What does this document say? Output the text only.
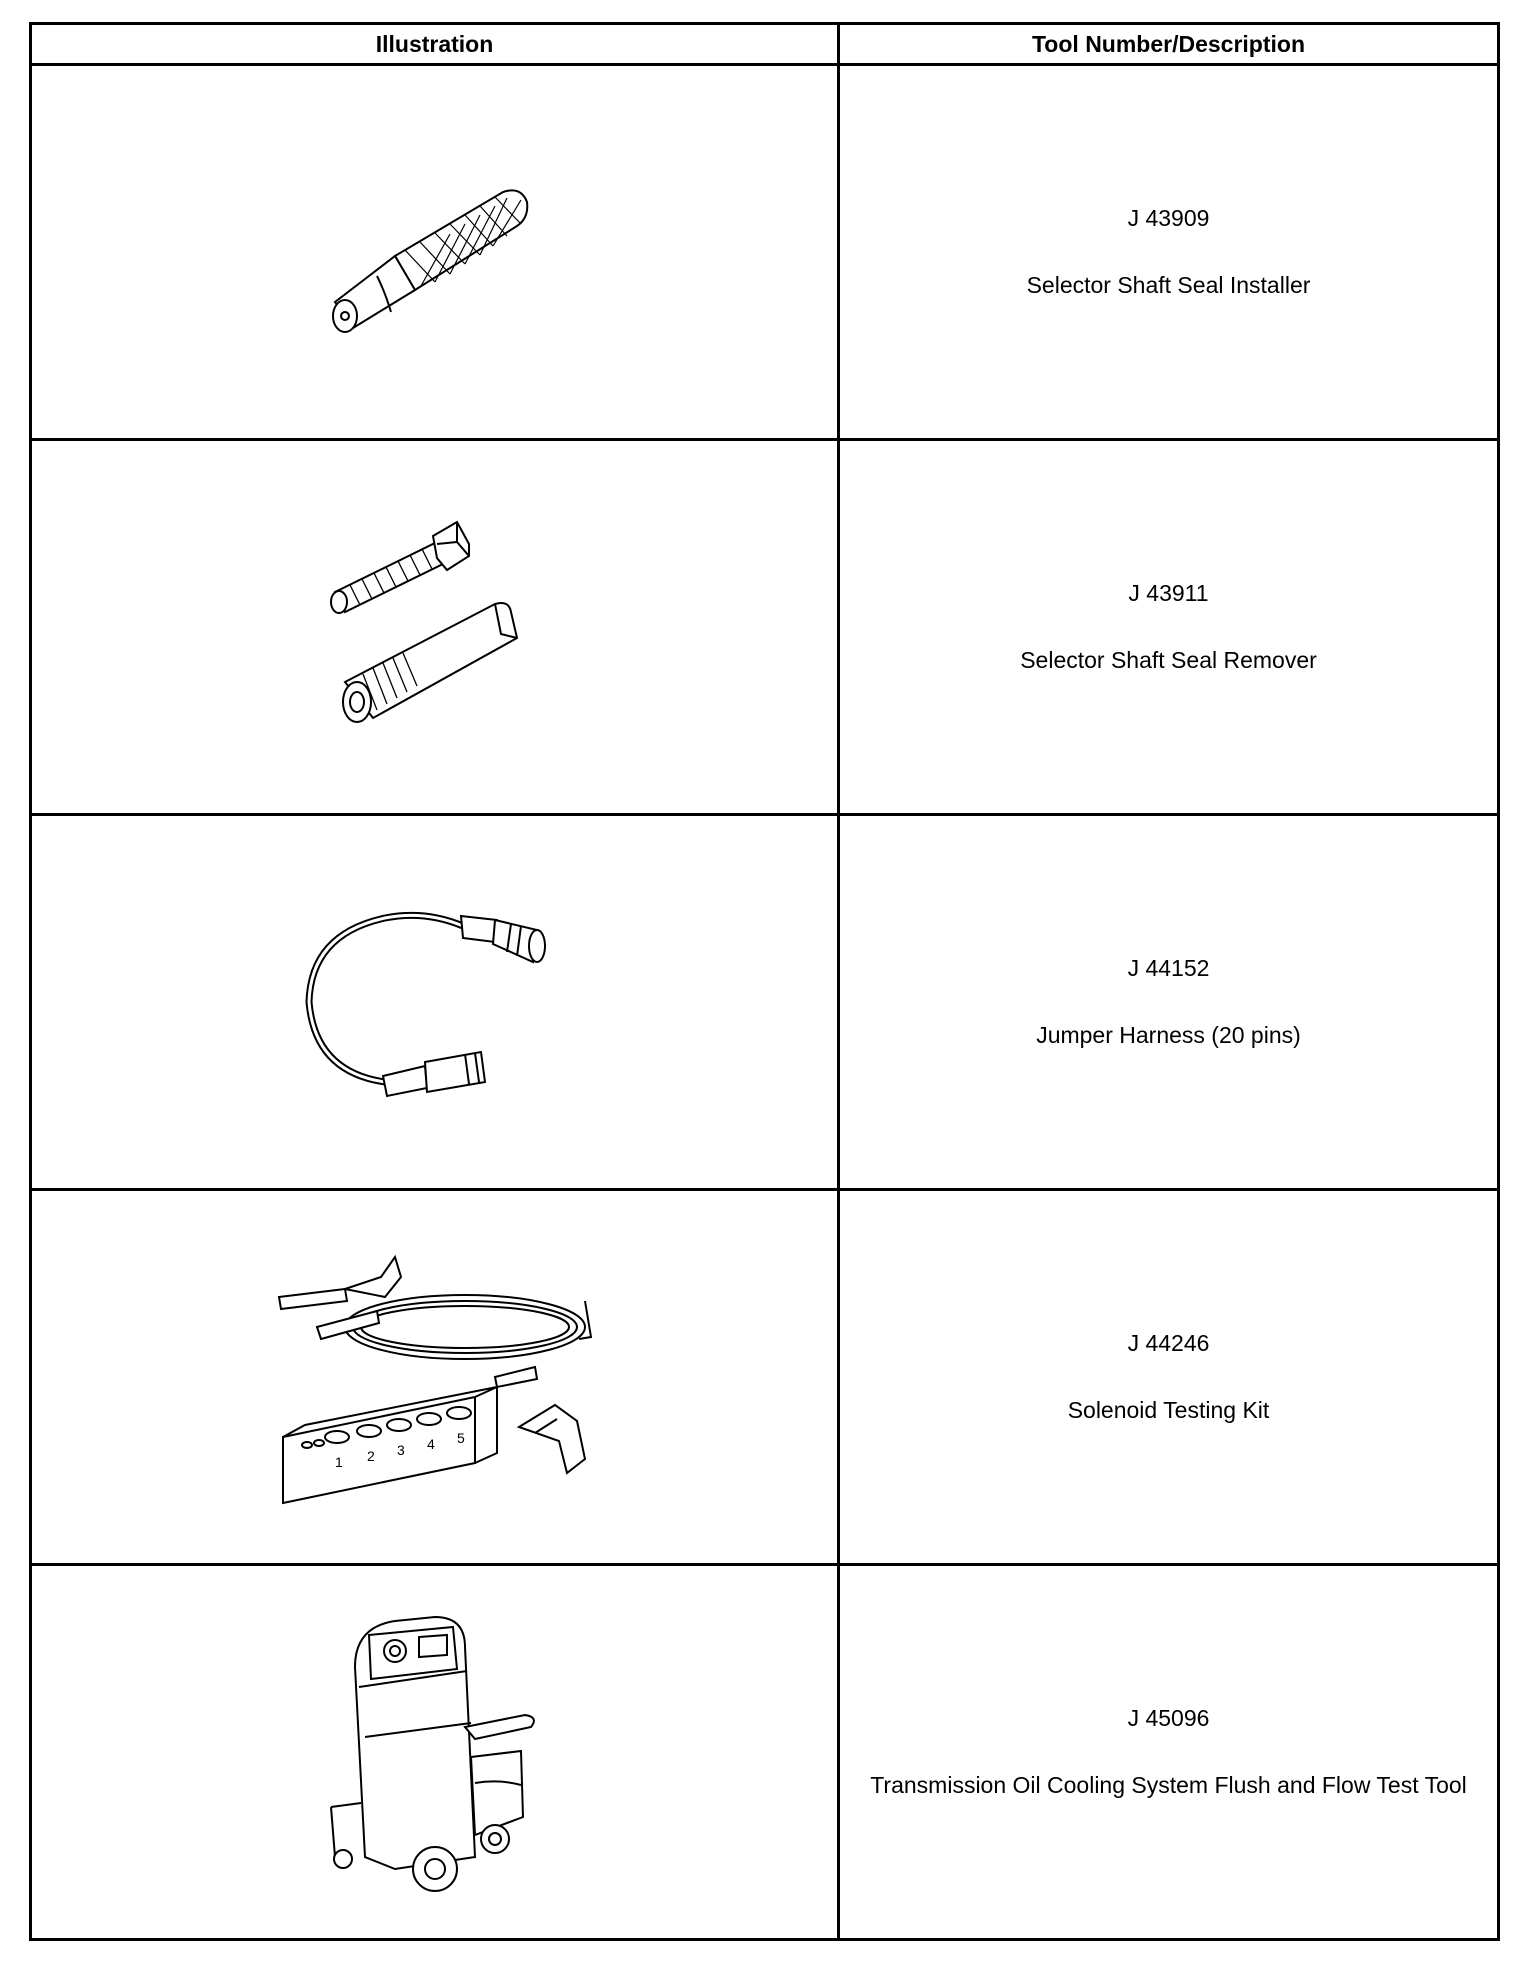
Illustration	Tool Number/Description

J 43909
Selector Shaft Seal Installer

J 43911
Selector Shaft Seal Remover

J 44152
Jumper Harness (20 pins)

1 2 3 4 5	J 44246
Solenoid Testing Kit

J 45096
Transmission Oil Cooling System Flush and Flow Test Tool
